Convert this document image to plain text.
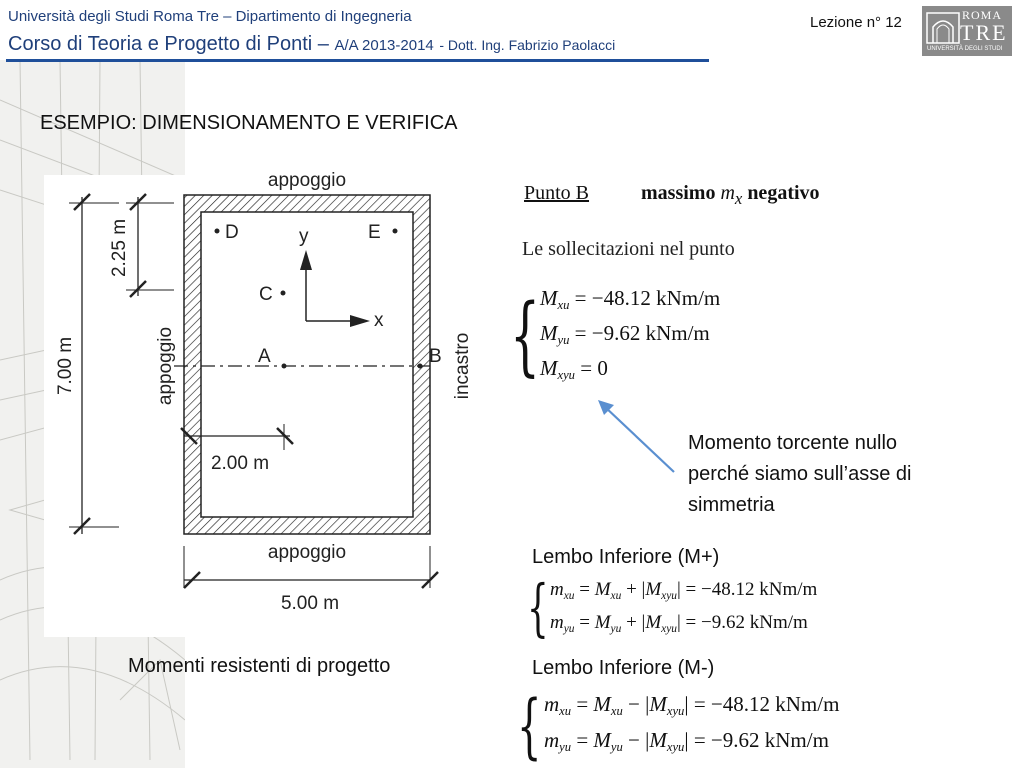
Università degli Studi Roma Tre – Dipartimento di Ingegneria
Corso di Teoria e Progetto di Ponti – A/A 2013-2014 - Dott. Ing. Fabrizio Paolacci
Lezione n° 12	ROMA
TRE
UNIVERSITÀ DEGLI STUDI
ESEMPIO: DIMENSIONAMENTO E VERIFICA
appoggio
appoggio
appoggio	incastro
7.00 m
2.25 m
2.00 m
5.00 m
D	E
C
A	B
y
x
Momenti resistenti di progetto
Punto B	massimo $m_x$ negativo
Le sollecitazioni nel punto
{ $M_{xu} = -48.12$ kNm/m
$M_{yu} = -9.62$ kNm/m
$M_{xyu} = 0$
Momento torcente nullo
perché siamo sull’asse di
simmetria
Lembo Inferiore (M+)
{ $m_{xu} = M_{xu} + |M_{xyu}| = -48.12$ kNm/m
$m_{yu} = M_{yu} + |M_{xyu}| = -9.62$ kNm/m
Lembo Inferiore (M-)
{ $m_{xu} = M_{xu} - |M_{xyu}| = -48.12$ kNm/m
$m_{yu} = M_{yu} - |M_{xyu}| = -9.62$ kNm/m
